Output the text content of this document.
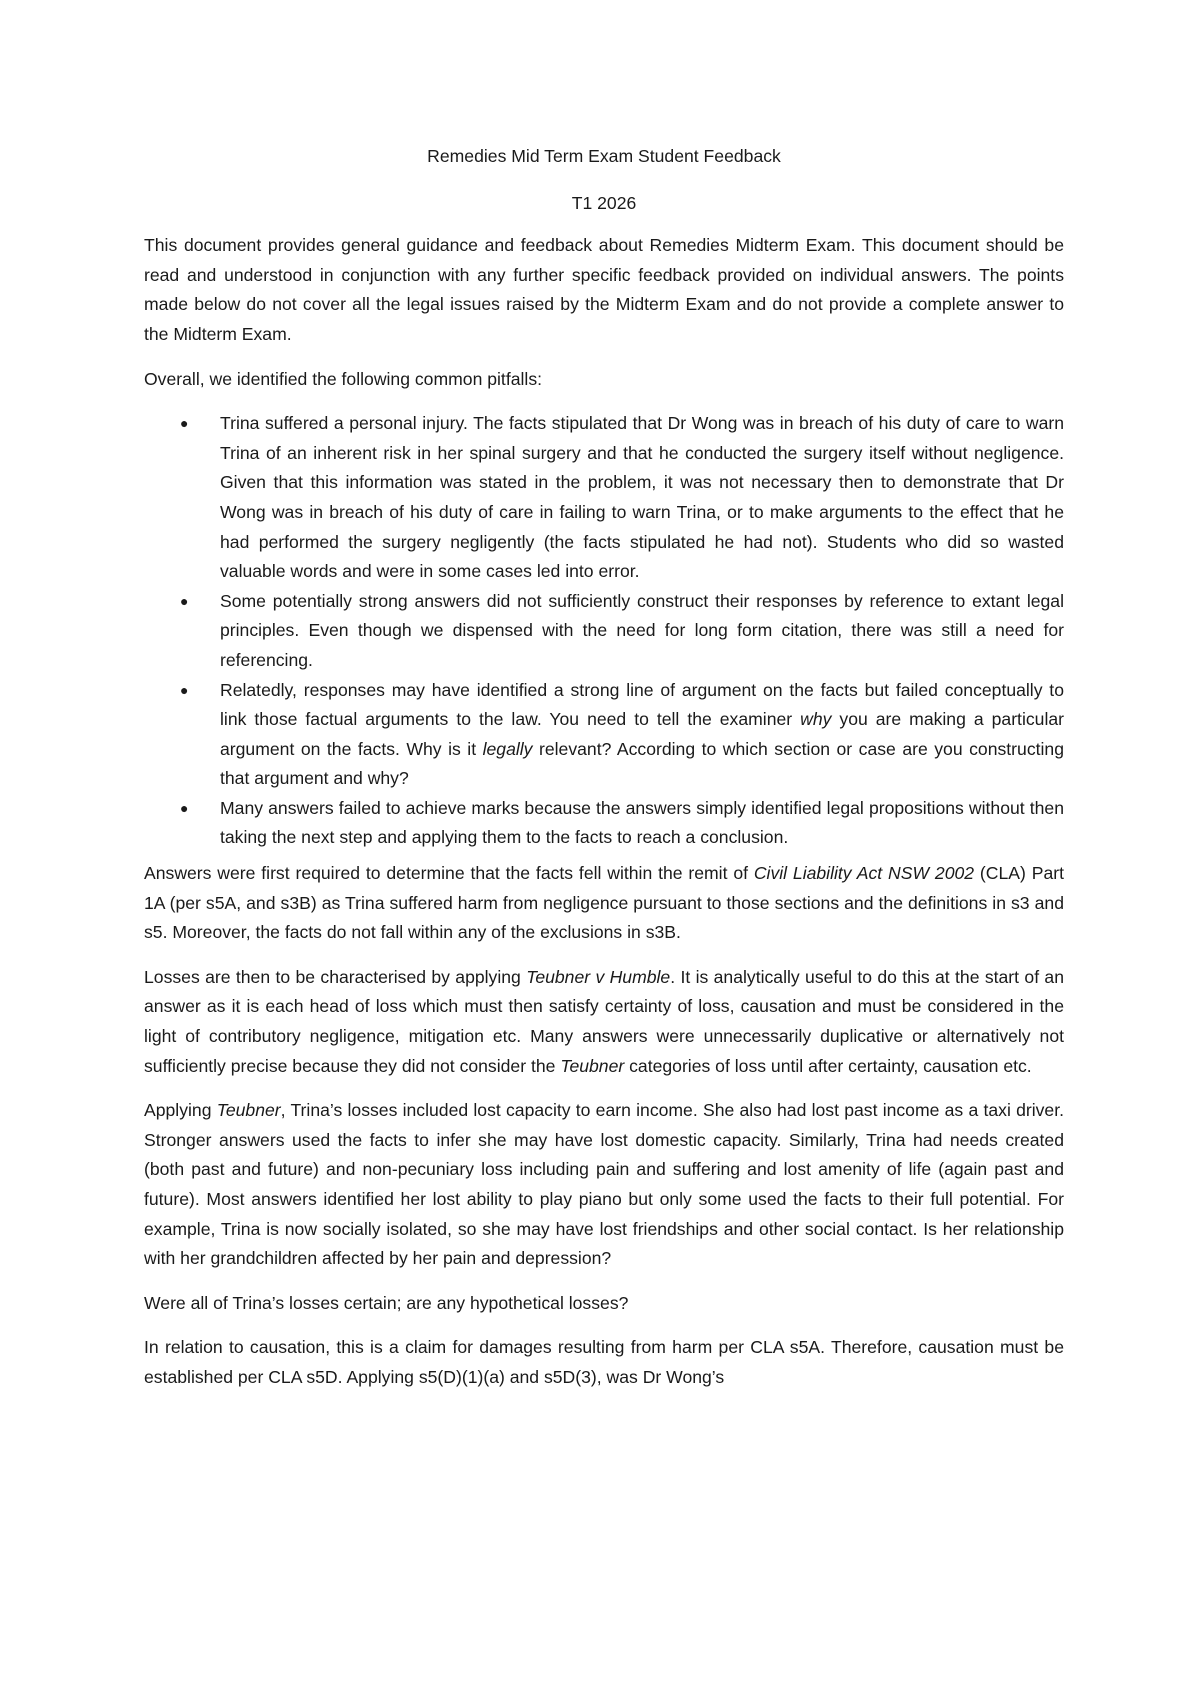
Remedies Mid Term Exam Student Feedback
T1 2026

This document provides general guidance and feedback about Remedies Midterm Exam. This document should be read and understood in conjunction with any further specific feedback provided on individual answers. The points made below do not cover all the legal issues raised by the Midterm Exam and do not provide a complete answer to the Midterm Exam.

Overall, we identified the following common pitfalls:

● Trina suffered a personal injury. The facts stipulated that Dr Wong was in breach of his duty of care to warn Trina of an inherent risk in her spinal surgery and that he conducted the surgery itself without negligence. Given that this information was stated in the problem, it was not necessary then to demonstrate that Dr Wong was in breach of his duty of care in failing to warn Trina, or to make arguments to the effect that he had performed the surgery negligently (the facts stipulated he had not). Students who did so wasted valuable words and were in some cases led into error.
● Some potentially strong answers did not sufficiently construct their responses by reference to extant legal principles. Even though we dispensed with the need for long form citation, there was still a need for referencing.
● Relatedly, responses may have identified a strong line of argument on the facts but failed conceptually to link those factual arguments to the law. You need to tell the examiner why you are making a particular argument on the facts. Why is it legally relevant? According to which section or case are you constructing that argument and why?
● Many answers failed to achieve marks because the answers simply identified legal propositions without then taking the next step and applying them to the facts to reach a conclusion.

Answers were first required to determine that the facts fell within the remit of Civil Liability Act NSW 2002 (CLA) Part 1A (per s5A, and s3B) as Trina suffered harm from negligence pursuant to those sections and the definitions in s3 and s5. Moreover, the facts do not fall within any of the exclusions in s3B.

Losses are then to be characterised by applying Teubner v Humble. It is analytically useful to do this at the start of an answer as it is each head of loss which must then satisfy certainty of loss, causation and must be considered in the light of contributory negligence, mitigation etc. Many answers were unnecessarily duplicative or alternatively not sufficiently precise because they did not consider the Teubner categories of loss until after certainty, causation etc.

Applying Teubner, Trina’s losses included lost capacity to earn income. She also had lost past income as a taxi driver. Stronger answers used the facts to infer she may have lost domestic capacity. Similarly, Trina had needs created (both past and future) and non-pecuniary loss including pain and suffering and lost amenity of life (again past and future). Most answers identified her lost ability to play piano but only some used the facts to their full potential. For example, Trina is now socially isolated, so she may have lost friendships and other social contact. Is her relationship with her grandchildren affected by her pain and depression?

Were all of Trina’s losses certain; are any hypothetical losses?

In relation to causation, this is a claim for damages resulting from harm per CLA s5A. Therefore, causation must be established per CLA s5D. Applying s5(D)(1)(a) and s5D(3), was Dr Wong’s
